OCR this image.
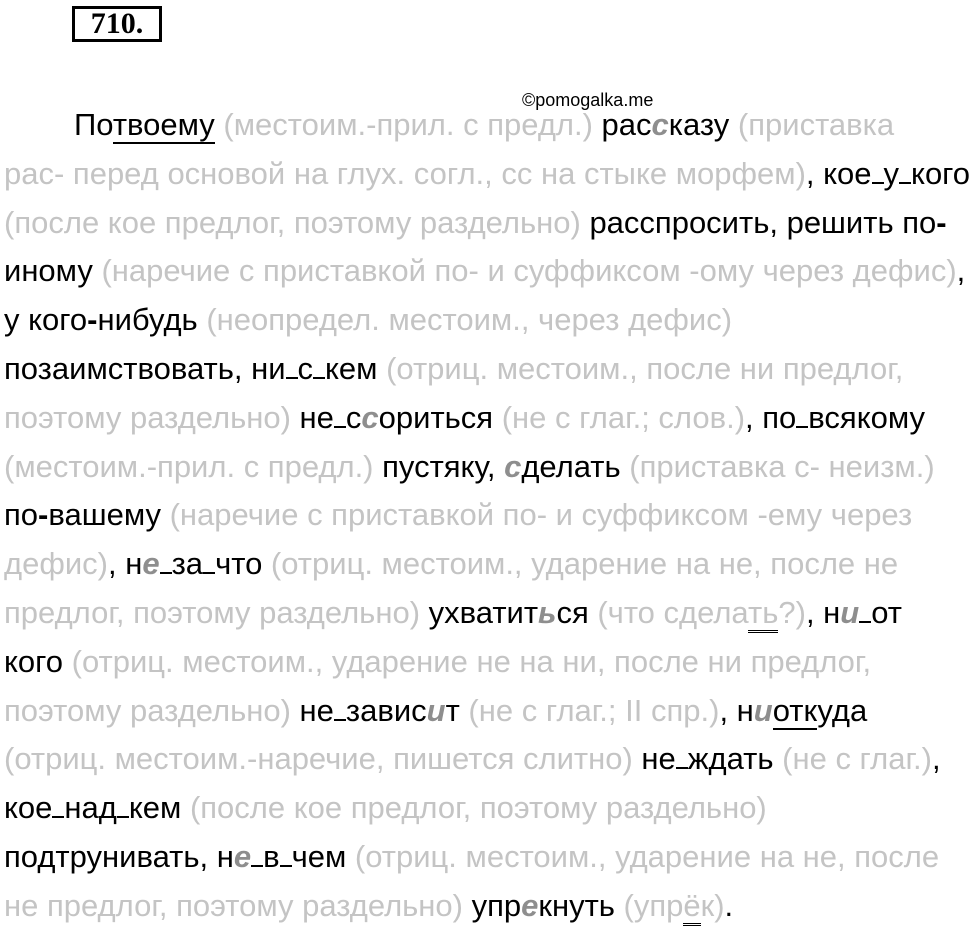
710.
©pomogalka.me
Потвоему (местоим.-прил. с предл.) рассказу (приставка
рас- перед основой на глух. согл., сс на стыке морфем), кое у кого
(после кое предлог, поэтому раздельно) расспросить, решить по-
иному (наречие с приставкой по- и суффиксом -ому через дефис),
у кого-нибудь (неопредел. местоим., через дефис)
позаимствовать, ни с кем (отриц. местоим., после ни предлог,
поэтому раздельно) не ссориться (не с глаг.; слов.), по всякому
(местоим.-прил. с предл.) пустяку, сделать (приставка с- неизм.)
по-вашему (наречие с приставкой по- и суффиксом -ему через
дефис), не за что (отриц. местоим., ударение на не, после не
предлог, поэтому раздельно) ухватиться (что сделать?), ни от
кого (отриц. местоим., ударение не на ни, после ни предлог,
поэтому раздельно) не зависит (не с глаг.; II спр.), ниоткуда
(отриц. местоим.-наречие, пишется слитно) не ждать (не с глаг.),
кое над кем (после кое предлог, поэтому раздельно)
подтрунивать, не в чем (отриц. местоим., ударение на не, после
не предлог, поэтому раздельно) упрекнуть (упрёк).
